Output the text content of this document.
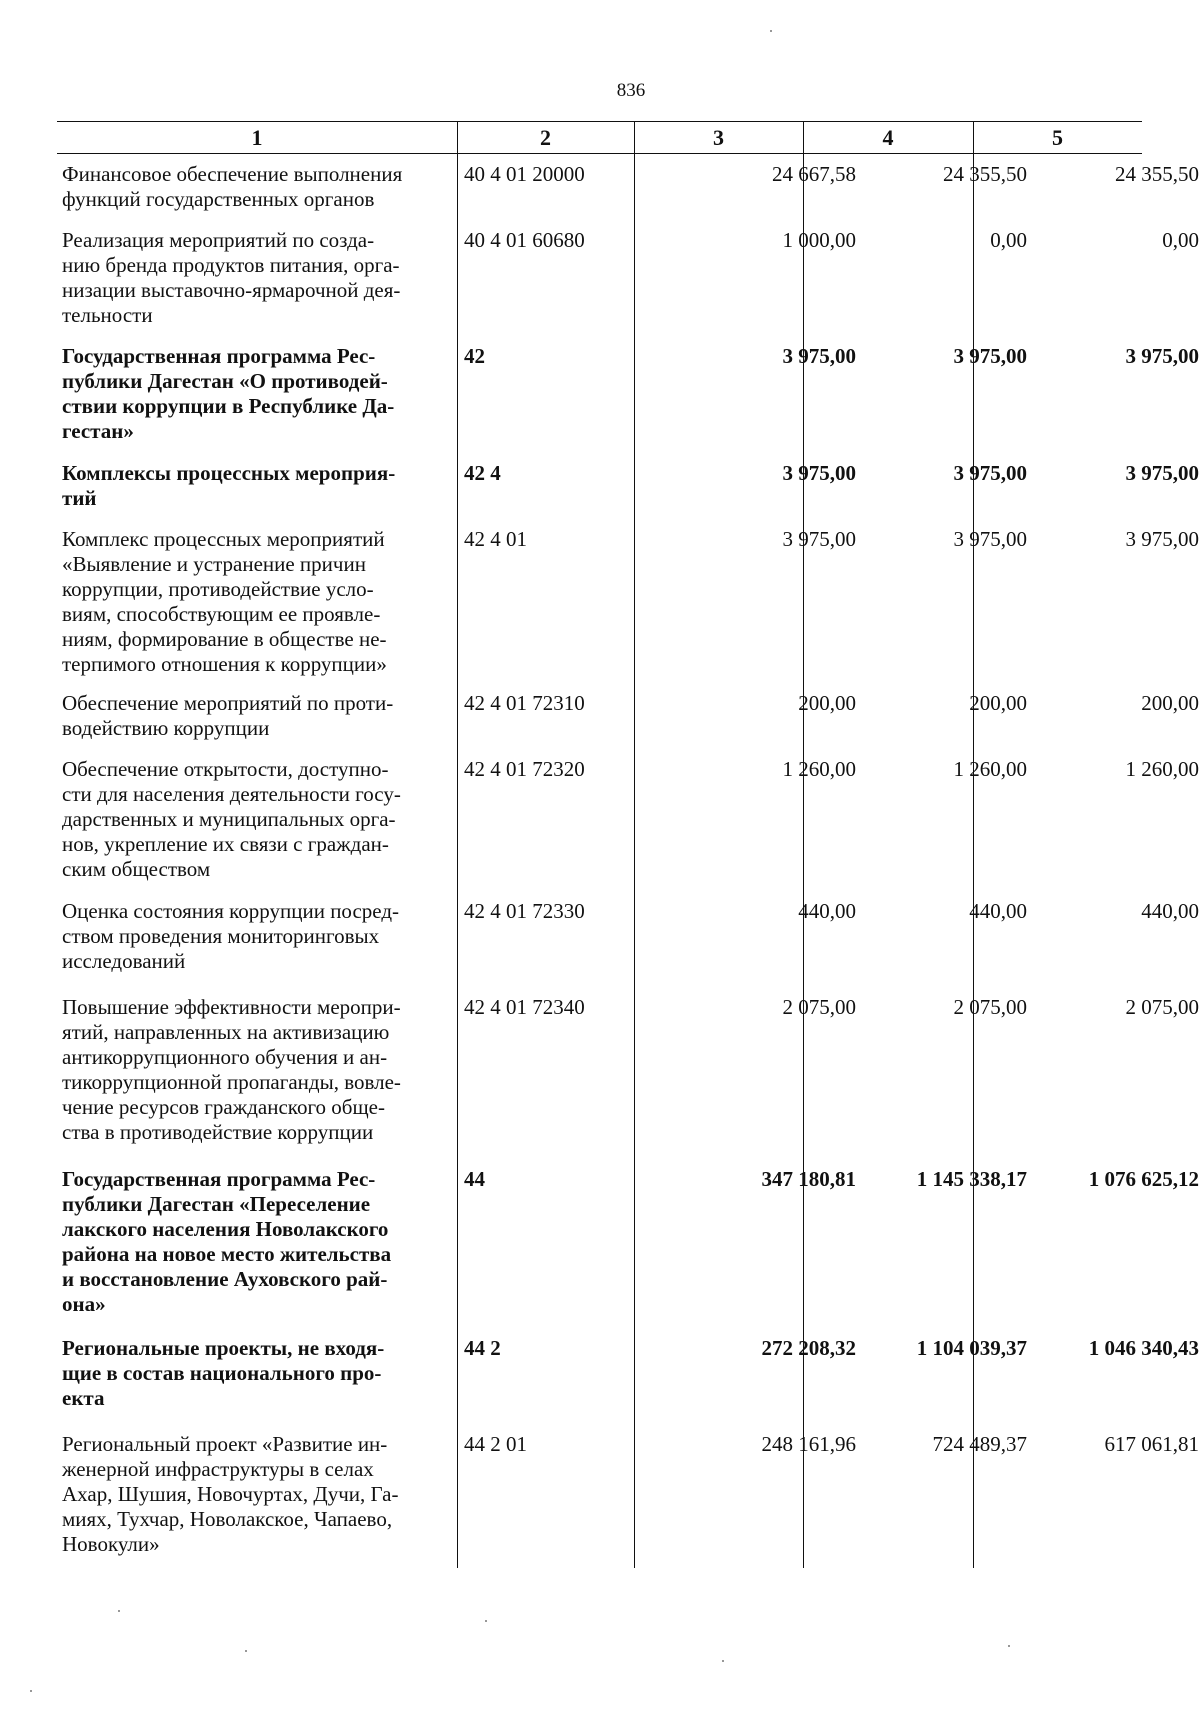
836
1	2	3	4	5
Финансовое обеспечение выполнения
функций государственных органов
40 4 01 20000	24 667,58	24 355,50	24 355,50
Реализация мероприятий по созда-
нию бренда продуктов питания, орга-
низации выставочно-ярмарочной дея-
тельности
40 4 01 60680	1 000,00	0,00	0,00
Государственная программа Рес-
публики Дагестан «О противодей-
ствии коррупции в Республике Да-
гестан»
42	3 975,00	3 975,00	3 975,00
Комплексы процессных мероприя-
тий
42 4	3 975,00	3 975,00	3 975,00
Комплекс процессных мероприятий
«Выявление и устранение причин
коррупции, противодействие усло-
виям, способствующим ее проявле-
ниям, формирование в обществе не-
терпимого отношения к коррупции»
42 4 01	3 975,00	3 975,00	3 975,00
Обеспечение мероприятий по проти-
водействию коррупции
42 4 01 72310	200,00	200,00	200,00
Обеспечение открытости, доступно-
сти для населения деятельности госу-
дарственных и муниципальных орга-
нов, укрепление их связи с граждан-
ским обществом
42 4 01 72320	1 260,00	1 260,00	1 260,00
Оценка состояния коррупции посред-
ством проведения мониторинговых
исследований
42 4 01 72330	440,00	440,00	440,00
Повышение эффективности меропри-
ятий, направленных на активизацию
антикоррупционного обучения и ан-
тикоррупционной пропаганды, вовле-
чение ресурсов гражданского обще-
ства в противодействие коррупции
42 4 01 72340	2 075,00	2 075,00	2 075,00
Государственная программа Рес-
публики Дагестан «Переселение
лакского населения Новолакского
района на новое место жительства
и восстановление Ауховского рай-
она»
44	347 180,81	1 145 338,17	1 076 625,12
Региональные проекты, не входя-
щие в состав национального про-
екта
44 2	272 208,32	1 104 039,37	1 046 340,43
Региональный проект «Развитие ин-
женерной инфраструктуры в селах
Ахар, Шушия, Новочуртах, Дучи, Га-
миях, Тухчар, Новолакское, Чапаево,
Новокули»
44 2 01	248 161,96	724 489,37	617 061,81
